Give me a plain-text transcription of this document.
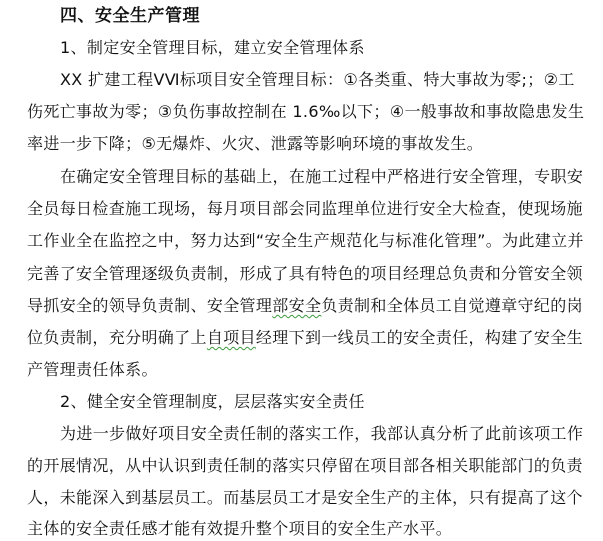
四、安全生产管理
1、制定安全管理目标，建立安全管理体系
XX 扩建工程ⅤⅥ标项目安全管理目标：①各类重、特大事故为零;；②工
伤死亡事故为零；③负伤事故控制在 1.6‰以下；④一般事故和事故隐患发生
率进一步下降；⑤无爆炸、火灾、泄露等影响环境的事故发生。
在确定安全管理目标的基础上，在施工过程中严格进行安全管理，专职安
全员每日检查施工现场，每月项目部会同监理单位进行安全大检查，使现场施
工作业全在监控之中，努力达到“安全生产规范化与标准化管理”。为此建立并
完善了安全管理逐级负责制，形成了具有特色的项目经理总负责和分管安全领
导抓安全的领导负责制、安全管理部安全负责制和全体员工自觉遵章守纪的岗
位负责制，充分明确了上自项目经理下到一线员工的安全责任，构建了安全生
产管理责任体系。
2、健全安全管理制度，层层落实安全责任
为进一步做好项目安全责任制的落实工作，我部认真分析了此前该项工作
的开展情况，从中认识到责任制的落实只停留在项目部各相关职能部门的负责
人，未能深入到基层员工。而基层员工才是安全生产的主体，只有提高了这个
主体的安全责任感才能有效提升整个项目的安全生产水平。
